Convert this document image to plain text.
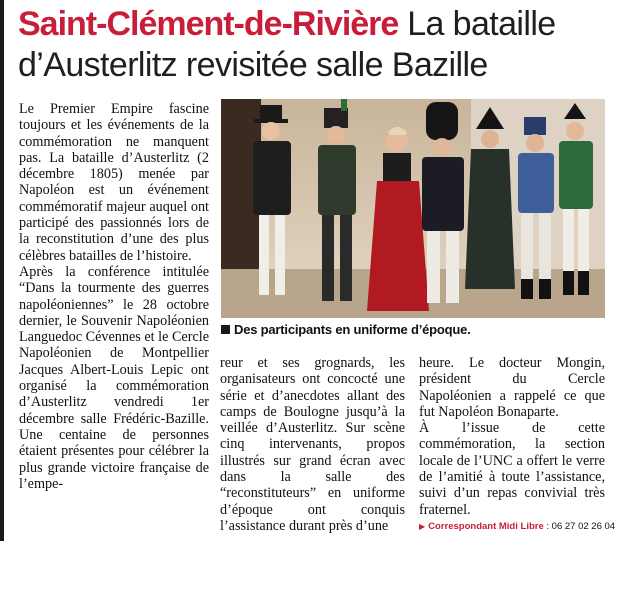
Saint-Clément-de-Rivière La bataille
d’Austerlitz revisitée salle Bazille

Le Premier Empire fascine toujours et les événements de la commémoration ne manquent pas. La bataille d’Austerlitz (2 décembre 1805) menée par Napoléon est un événement commémoratif majeur auquel ont participé des passionnés lors de la reconstitution d’une des plus célèbres batailles de l’histoire.

Après la conférence intitulée “Dans la tourmente des guerres napoléoniennes” le 28 octobre dernier, le Souvenir Napoléonien Languedoc Cévennes et le Cercle Napoléonien de Montpellier Jacques Albert-Louis Lepic ont organisé la commémoration d’Austerlitz vendredi 1er décembre salle Frédéric-Bazille. Une centaine de personnes étaient présentes pour célébrer la plus grande victoire française de l’empe-

Des participants en uniforme d’époque.

reur et ses grognards, les organisateurs ont concocté une série et d’anecdotes allant des camps de Boulogne jusqu’à la veillée d’Austerlitz. Sur scène cinq intervenants, propos illustrés sur grand écran avec dans la salle des “reconstituteurs” en uniforme d’époque ont conquis l’assistance durant près d’une

heure. Le docteur Mongin, président du Cercle Napoléonien a rappelé ce que fut Napoléon Bonaparte.

À l’issue de cette commémoration, la section locale de l’UNC a offert le verre de l’amitié à toute l’assistance, suivi d’un repas convivial très fraternel.

▶ Correspondant Midi Libre : 06 27 02 26 04
